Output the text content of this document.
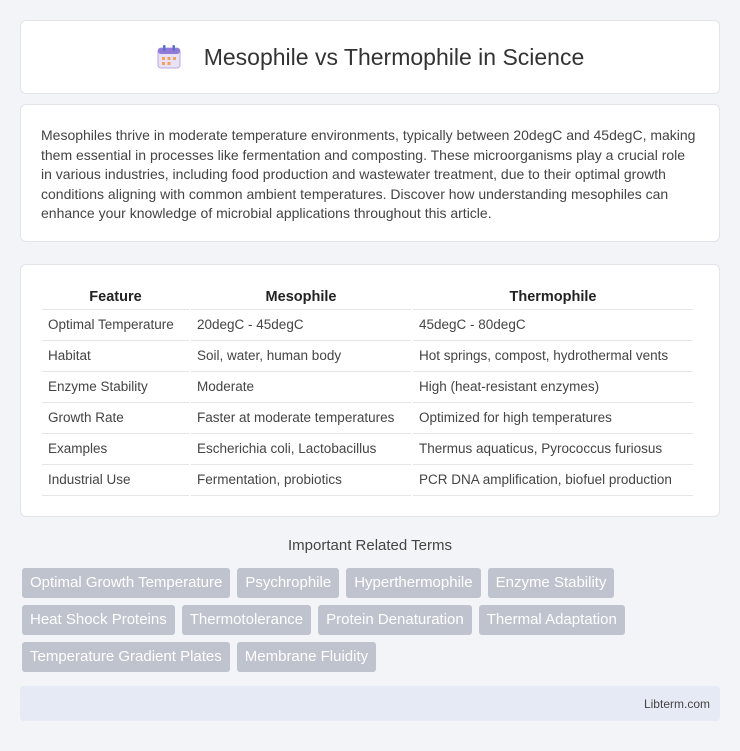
Mesophile vs Thermophile in Science

Mesophiles thrive in moderate temperature environments, typically between 20degC and 45degC, making them essential in processes like fermentation and composting. These microorganisms play a crucial role in various industries, including food production and wastewater treatment, due to their optimal growth conditions aligning with common ambient temperatures. Discover how understanding mesophiles can enhance your knowledge of microbial applications throughout this article.

Feature	Mesophile	Thermophile
Optimal Temperature	20degC - 45degC	45degC - 80degC
Habitat	Soil, water, human body	Hot springs, compost, hydrothermal vents
Enzyme Stability	Moderate	High (heat-resistant enzymes)
Growth Rate	Faster at moderate temperatures	Optimized for high temperatures
Examples	Escherichia coli, Lactobacillus	Thermus aquaticus, Pyrococcus furiosus
Industrial Use	Fermentation, probiotics	PCR DNA amplification, biofuel production
Important Related Terms
Optimal Growth Temperature	Psychrophile	Hyperthermophile	Enzyme Stability
Heat Shock Proteins	Thermotolerance	Protein Denaturation	Thermal Adaptation
Temperature Gradient Plates	Membrane Fluidity
Libterm.com
